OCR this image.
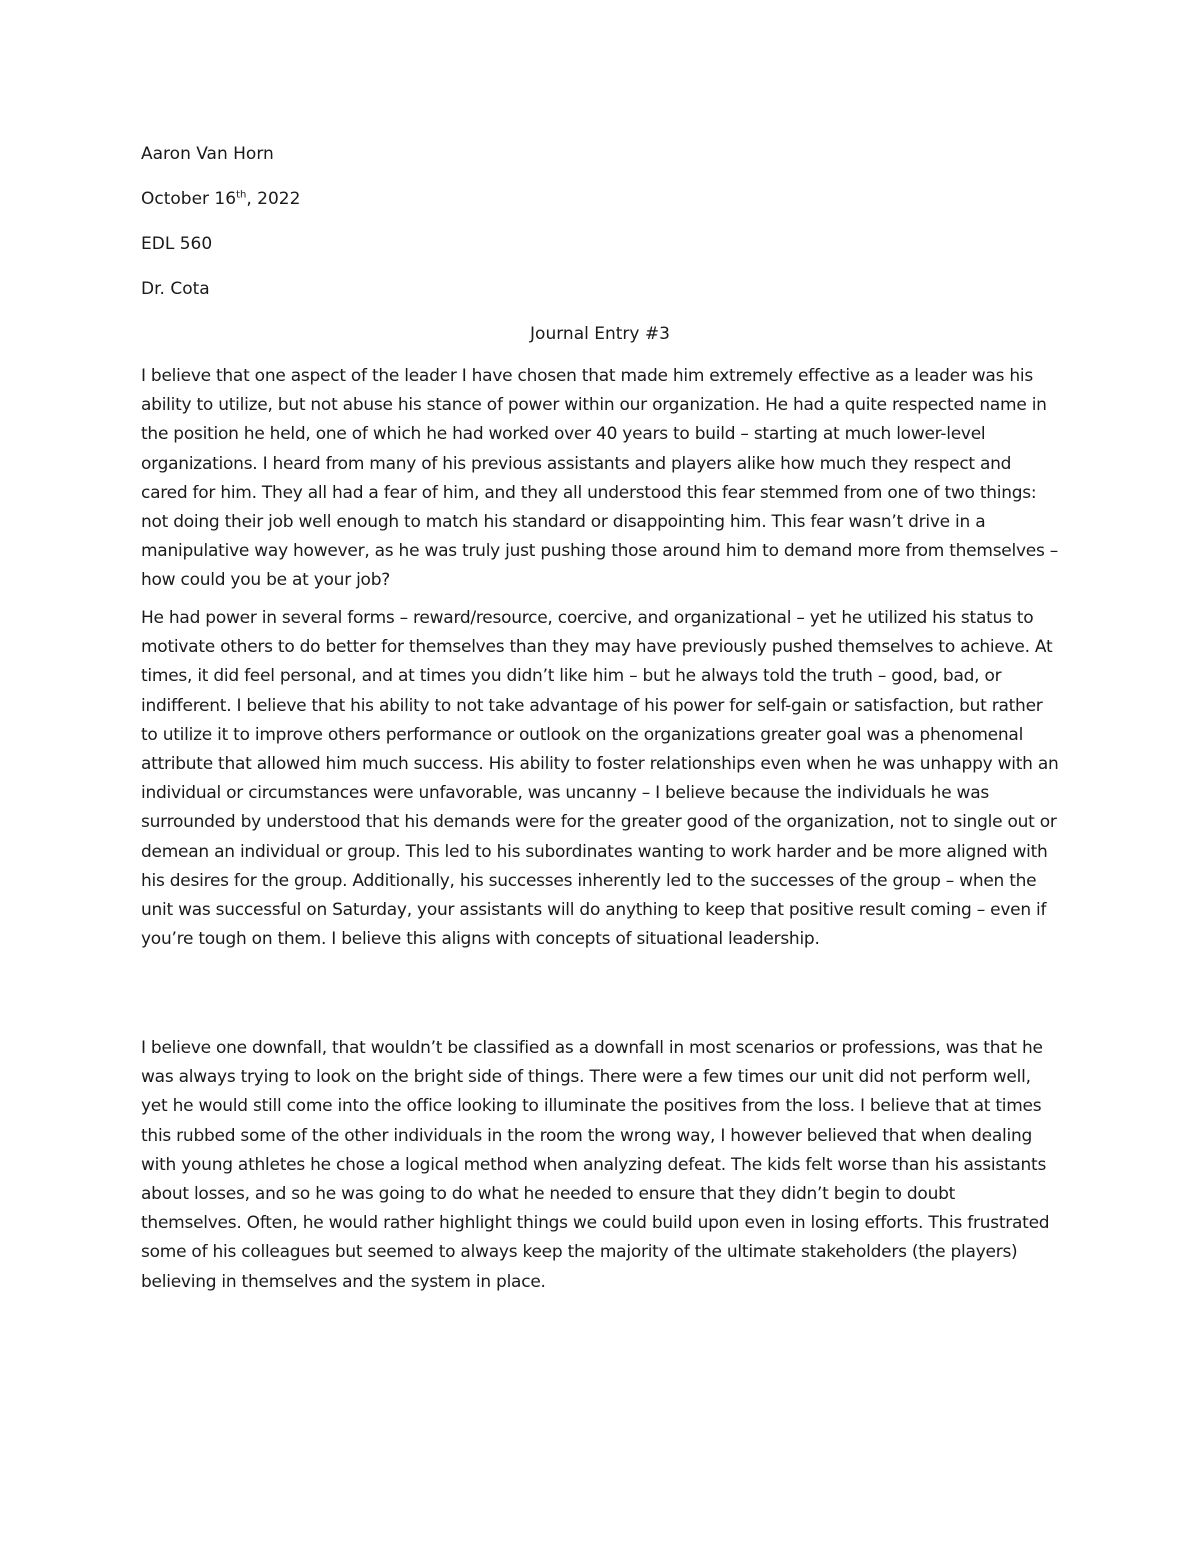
Aaron Van Horn
October 16th, 2022
EDL 560
Dr. Cota
Journal Entry #3

I believe that one aspect of the leader I have chosen that made him extremely effective as a leader was his ability to utilize, but not abuse his stance of power within our organization. He had a quite respected name in the position he held, one of which he had worked over 40 years to build – starting at much lower-level organizations. I heard from many of his previous assistants and players alike how much they respect and cared for him. They all had a fear of him, and they all understood this fear stemmed from one of two things: not doing their job well enough to match his standard or disappointing him. This fear wasn’t drive in a manipulative way however, as he was truly just pushing those around him to demand more from themselves – how could you be at your job?

He had power in several forms – reward/resource, coercive, and organizational – yet he utilized his status to motivate others to do better for themselves than they may have previously pushed themselves to achieve. At times, it did feel personal, and at times you didn’t like him – but he always told the truth – good, bad, or indifferent. I believe that his ability to not take advantage of his power for self-gain or satisfaction, but rather to utilize it to improve others performance or outlook on the organizations greater goal was a phenomenal attribute that allowed him much success. His ability to foster relationships even when he was unhappy with an individual or circumstances were unfavorable, was uncanny – I believe because the individuals he was surrounded by understood that his demands were for the greater good of the organization, not to single out or demean an individual or group. This led to his subordinates wanting to work harder and be more aligned with his desires for the group. Additionally, his successes inherently led to the successes of the group – when the unit was successful on Saturday, your assistants will do anything to keep that positive result coming – even if you’re tough on them. I believe this aligns with concepts of situational leadership.

I believe one downfall, that wouldn’t be classified as a downfall in most scenarios or professions, was that he was always trying to look on the bright side of things. There were a few times our unit did not perform well, yet he would still come into the office looking to illuminate the positives from the loss. I believe that at times this rubbed some of the other individuals in the room the wrong way, I however believed that when dealing with young athletes he chose a logical method when analyzing defeat. The kids felt worse than his assistants about losses, and so he was going to do what he needed to ensure that they didn’t begin to doubt themselves. Often, he would rather highlight things we could build upon even in losing efforts. This frustrated some of his colleagues but seemed to always keep the majority of the ultimate stakeholders (the players) believing in themselves and the system in place.
